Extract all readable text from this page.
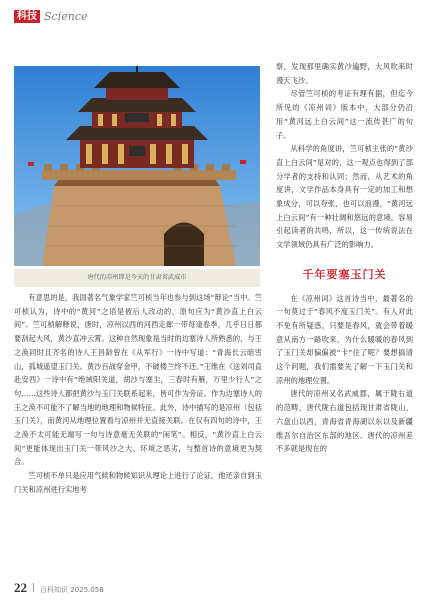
科技 Science
唐代的凉州即是今天的甘肃省武威市

有意思的是，我国著名气象学家竺可桢当年也参与到这场“辩论”当中。竺可桢认为，诗中的“黄河”之语是被后人改动的，原句应为“黄沙直上白云间”。竺可桢解释说，唐时，凉州以西的河西走廊一带每逢春季，几乎日日都要刮起大风，黄沙直冲云霄。这种自然现象是当时的边塞诗人所熟悉的，与王之涣同时且齐名的诗人王昌龄曾在《从军行》一诗中写道：“青海长云暗雪山，孤城遥望玉门关。黄沙百战穿金甲，不破楼兰终不还。”王维在《送刘司直赴安西》一诗中有“绝域阳关道，胡沙与塞尘，三春时有雁，万里少行人”之句……这些诗人都把黄沙与玉门关联系起来，皆可作为旁证。作为边塞诗人的王之涣不可能不了解当地的地理和物候特征。此外，诗中描写的是凉州（包括玉门关），而黄河从地理位置看与凉州并无直接关联。在仅有四句的诗中，王之涣不太可能无端写一句与诗意毫无关联的“闲笔”。相反，“黄沙直上白云间”更能体现出玉门关一带风沙之大、环境之恶劣，与整首诗的意境更为契合。

竺可桢不单只是应用气候和物候知识从理论上进行了论证，他还亲自到玉门关和凉州进行实地考

察，发现那里确实黄沙遍野，大风吹来时漫天飞沙。

尽管竺可桢的考证有理有据，但迄今所见的《凉州词》版本中，大部分仍沿用“黄河远上白云间”这一流传甚广的句子。

从科学的角度讲，竺可桢主张的“黄沙直上白云间”是对的，这一观点也得到了部分学者的支持和认同；然而，从艺术的角度讲，文学作品本身具有一定的加工和想象成分，可以夸张，也可以浪漫，“黄河远上白云间”有一种壮阔和悠远的意境，容易引起读者的共鸣，所以，这一传统说法在文学领域仍具有广泛的影响力。

千年要塞玉门关

在《凉州词》这首诗当中，最著名的一句莫过于“春风不度玉门关”。有人对此不免有所疑惑，只要是春风，就会带着暖意从南方一路吹来，为什么暖暖的春风到了玉门关却偏偏被“卡”住了呢？要想搞清这个问题，我们需要先了解一下玉门关和凉州的地理位置。

唐代的凉州又名武威郡，属于陇右道的范畴，唐代陇右道包括现甘肃省陇山、六盘山以西，青海省青海湖以东以及新疆维吾尔自治区东部的地区。唐代的凉州差不多就是现在的

22 百科知识 2025.05B
